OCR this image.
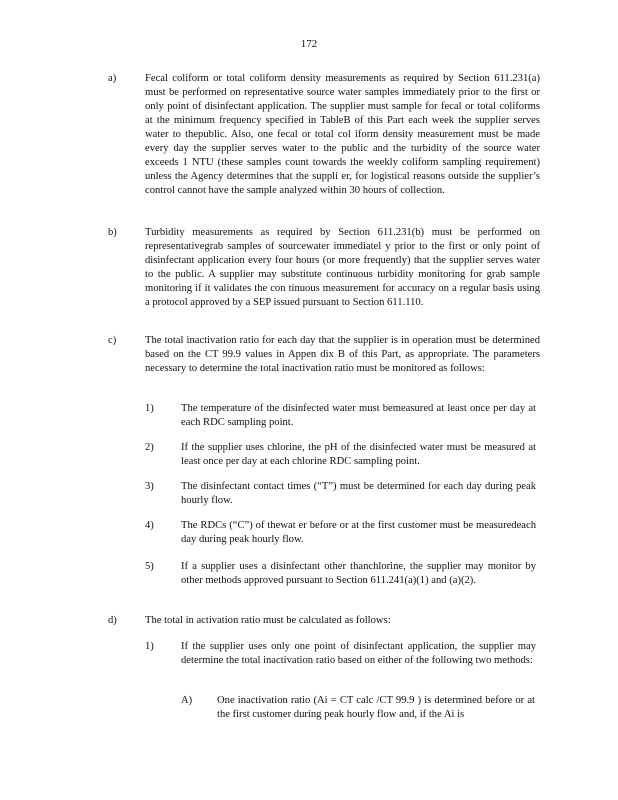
172
a)	Fecal coliform or total coliform density measurements as required by Section 611.231(a) must be performed on representative source water samples immediately prior to the first or only point of disinfectant application. The supplier must sample for fecal or total coliforms at the minimum frequency specified in TableB of this Part each week the supplier serves water to thepublic. Also, one fecal or total col iform density measurement must be made every day the supplier serves water to the public and the turbidity of the source water exceeds 1 NTU (these samples count towards the weekly coliform sampling requirement) unless the Agency determines that the suppli er, for logistical reasons outside the supplier’s control cannot have the sample analyzed within 30 hours of collection.
b)	Turbidity measurements as required by Section 611.231(b) must be performed on representativegrab samples of sourcewater immediatel y prior to the first or only point of disinfectant application every four hours (or more frequently) that the supplier serves water to the public. A supplier may substitute continuous turbidity monitoring for grab sample monitoring if it validates the con tinuous measurement for accuracy on a regular basis using a protocol approved by a SEP issued pursuant to Section 611.110.
c)	The total inactivation ratio for each day that the supplier is in operation must be determined based on the CT 99.9 values in Appen dix B of this Part, as appropriate. The parameters necessary to determine the total inactivation ratio must be monitored as follows:
1)	The temperature of the disinfected water must bemeasured at least once per day at each RDC sampling point.
2)	If the supplier uses chlorine, the pH of the disinfected water must be measured at least once per day at each chlorine RDC sampling point.
3)	The disinfectant contact times (“T”) must be determined for each day during peak hourly flow.
4)	The RDCs (“C”) of thewat er before or at the first customer must be measuredeach day during peak hourly flow.
5)	If a supplier uses a disinfectant other thanchlorine, the supplier may monitor by other methods approved pursuant to Section 611.241(a)(1) and (a)(2).
d)	The total in activation ratio must be calculated as follows:
1)	If the supplier uses only one point of disinfectant application, the supplier may determine the total inactivation ratio based on either of the following two methods:
A) One inactivation ratio (Ai = CT calc /CT 99.9 ) is determined before or at the first customer during peak hourly flow and, if the Ai is
